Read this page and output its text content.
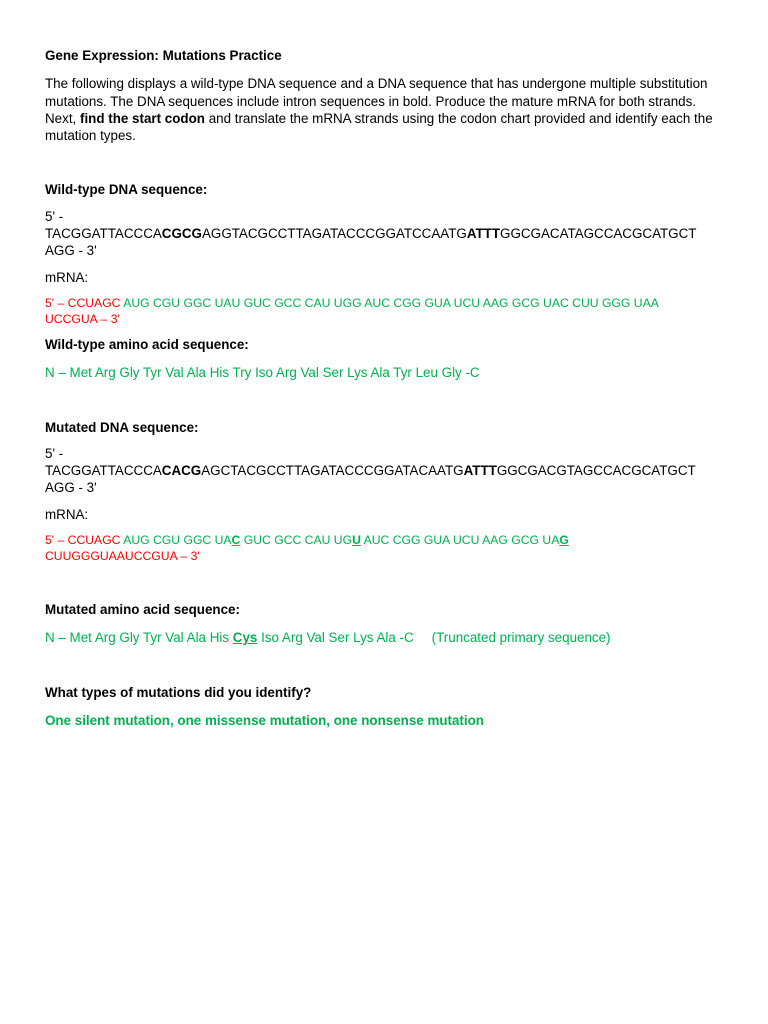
Gene Expression: Mutations Practice

The following displays a wild-type DNA sequence and a DNA sequence that has undergone multiple substitution mutations. The DNA sequences include intron sequences in bold. Produce the mature mRNA for both strands. Next, find the start codon and translate the mRNA strands using the codon chart provided and identify each the mutation types.

Wild-type DNA sequence:

5' -
TACGGATTACCCACGCGAGGTACGCCTTAGATACCCGGATCCAATGATTTGGCGACATAGCCACGCATGCT
AGG - 3'

mRNA:

5' – CCUAGC AUG CGU GGC UAU GUC GCC CAU UGG AUC CGG GUA UCU AAG GCG UAC CUU GGG UAA
UCCGUA – 3'

Wild-type amino acid sequence:

N – Met Arg Gly Tyr Val Ala His Try Iso Arg Val Ser Lys Ala Tyr Leu Gly -C

Mutated DNA sequence:

5' -
TACGGATTACCCACACGAGCTACGCCTTAGATACCCGGATACAATGATTTGGCGACGTAGCCACGCATGCT
AGG - 3'

mRNA:

5' – CCUAGC AUG CGU GGC UAC GUC GCC CAU UGU AUC CGG GUA UCU AAG GCG UAG
CUUGGGUAAUCCGUA – 3'

Mutated amino acid sequence:

N – Met Arg Gly Tyr Val Ala His Cys Iso Arg Val Ser Lys Ala -C (Truncated primary sequence)

What types of mutations did you identify?

One silent mutation, one missense mutation, one nonsense mutation
